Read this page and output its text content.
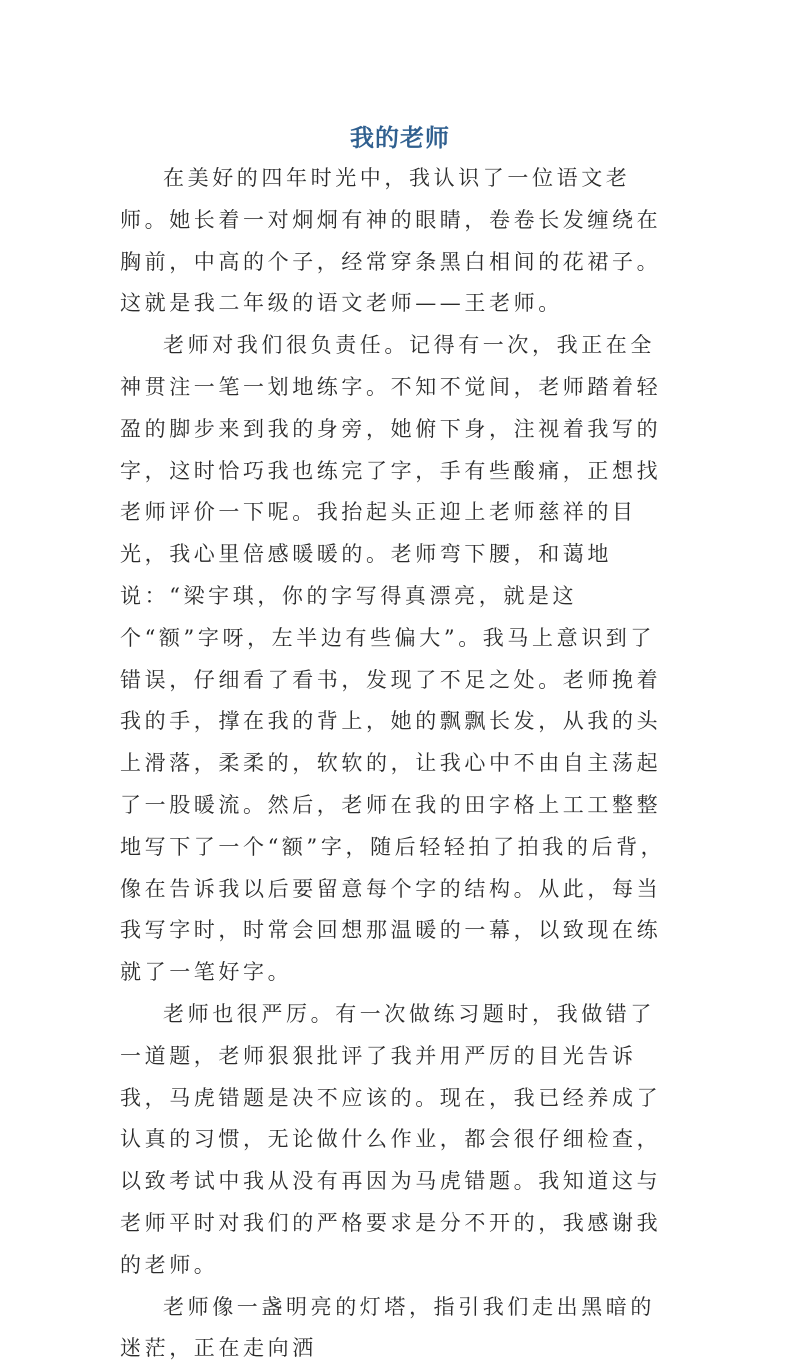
我的老师

在美好的四年时光中，我认识了一位语文老师。她长着一对炯炯有神的眼睛，卷卷长发缠绕在胸前，中高的个子，经常穿条黑白相间的花裙子。这就是我二年级的语文老师——王老师。

老师对我们很负责任。记得有一次，我正在全神贯注一笔一划地练字。不知不觉间，老师踏着轻盈的脚步来到我的身旁，她俯下身，注视着我写的字，这时恰巧我也练完了字，手有些酸痛，正想找老师评价一下呢。我抬起头正迎上老师慈祥的目光，我心里倍感暖暖的。老师弯下腰，和蔼地说：“梁宇琪，你的字写得真漂亮，就是这个“额”字呀，左半边有些偏大”。我马上意识到了错误，仔细看了看书，发现了不足之处。老师挽着我的手，撑在我的背上，她的飘飘长发，从我的头上滑落，柔柔的，软软的，让我心中不由自主荡起了一股暖流。然后，老师在我的田字格上工工整整地写下了一个“额”字，随后轻轻拍了拍我的后背，像在告诉我以后要留意每个字的结构。从此，每当我写字时，时常会回想那温暖的一幕，以致现在练就了一笔好字。

老师也很严厉。有一次做练习题时，我做错了一道题，老师狠狠批评了我并用严厉的目光告诉我，马虎错题是决不应该的。现在，我已经养成了认真的习惯，无论做什么作业，都会很仔细检查，以致考试中我从没有再因为马虎错题。我知道这与老师平时对我们的严格要求是分不开的，我感谢我的老师。

老师像一盏明亮的灯塔，指引我们走出黑暗的迷茫，正在走向洒
